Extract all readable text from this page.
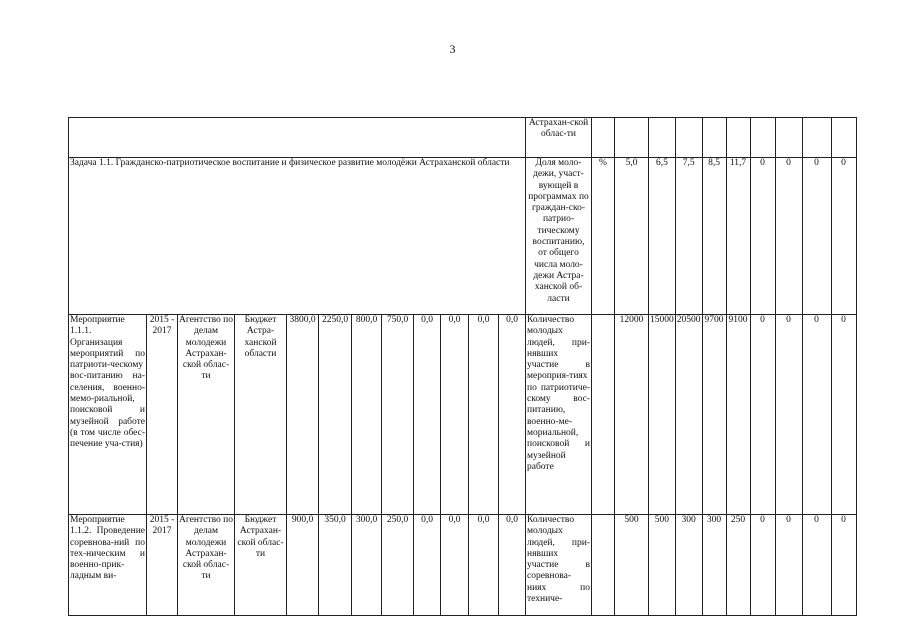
3
												Астрахан-ской облас-ти										
Задача 1.1. Гражданско-патриотическое воспитание и физическое развитие молодёжи Астраханской области												Доля моло-дежи, участ-вующей в программах по граждан-ско-патрио-тическому воспитанию, от общего числа моло-дежи Астра-ханской об-ласти	%	5,0	6,5	7,5	8,5	11,7	0	0	0	0
Мероприятие 1.1.1. Организация мероприятий по патриоти-ческому вос-питанию на-селения, военно-мемо-риальной, поисковой и музейной работе (в том числе обес-печение уча-стия)	2015 - 2017	Агентство по делам молодежи Астрахан-ской облас-ти	Бюджет Астра-ханской области	3800,0	2250,0	800,0	750,0	0,0	0,0	0,0	0,0	Количество молодых людей, при-нявших участие в мероприя-тиях по патриотиче-скому вос-питанию, военно-ме-мориальной, поисковой и музейной работе		12000	15000	20500	9700	9100	0	0	0	0
Мероприятие 1.1.2. Проведение соревнова-ний по тех-ническим и военно-прик-ладным ви-	2015 - 2017	Агентство по делам молодежи Астрахан-ской облас-ти	Бюджет Астрахан-ской облас-ти	900,0	350,0	300,0	250,0	0,0	0,0	0,0	0,0	Количество молодых людей, при-нявших участие в соревнова-ниях по техниче-		500	500	300	300	250	0	0	0	0
